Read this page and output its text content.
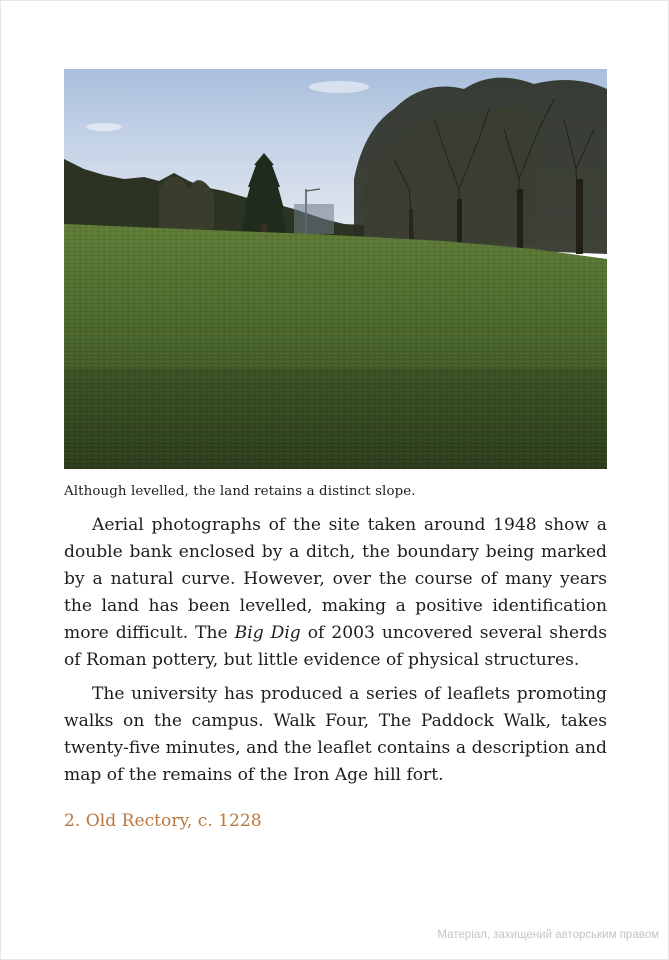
Although levelled, the land retains a distinct slope.

Aerial photographs of the site taken around 1948 show a double bank enclosed by a ditch, the boundary being marked by a natural curve. However, over the course of many years the land has been levelled, making a positive identification more difficult. The Big Dig of 2003 uncovered several sherds of Roman pottery, but little evidence of physical structures.

The university has produced a series of leaflets promoting walks on the campus. Walk Four, The Paddock Walk, takes twenty-five minutes, and the leaflet contains a description and map of the remains of the Iron Age hill fort.

2. Old Rectory, c. 1228
Матеріал, захищений авторським правом
